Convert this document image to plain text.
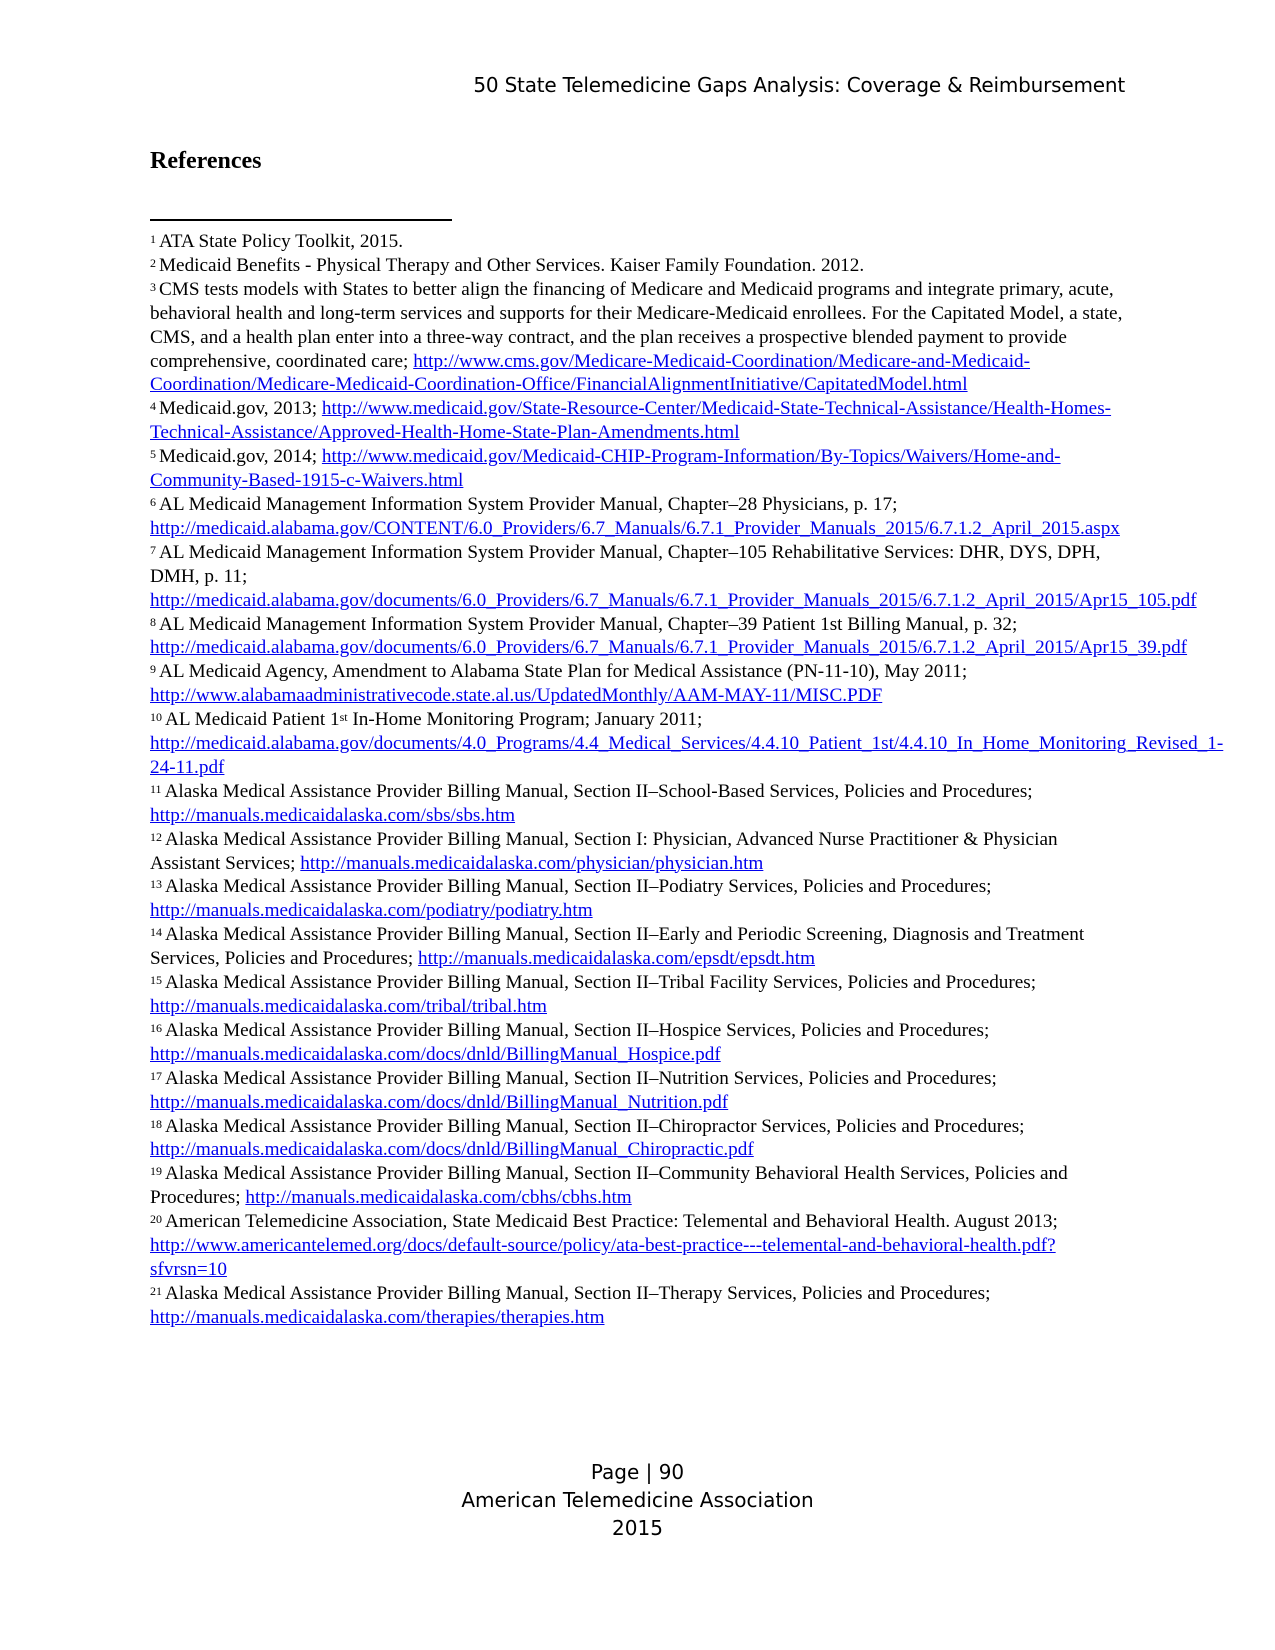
50 State Telemedicine Gaps Analysis: Coverage & Reimbursement
References

$^1$ ATA State Policy Toolkit, 2015.

$^2$ Medicaid Benefits - Physical Therapy and Other Services. Kaiser Family Foundation. 2012.

$^3$ CMS tests models with States to better align the financing of Medicare and Medicaid programs and integrate primary, acute, behavioral health and long-term services and supports for their Medicare-Medicaid enrollees. For the Capitated Model, a state, CMS, and a health plan enter into a three-way contract, and the plan receives a prospective blended payment to provide comprehensive, coordinated care; http://www.cms.gov/Medicare-Medicaid-Coordination/Medicare-and-Medicaid-Coordination/Medicare-Medicaid-Coordination-Office/FinancialAlignmentInitiative/CapitatedModel.html

$^4$ Medicaid.gov, 2013; http://www.medicaid.gov/State-Resource-Center/Medicaid-State-Technical-Assistance/Health-Homes-Technical-Assistance/Approved-Health-Home-State-Plan-Amendments.html

$^5$ Medicaid.gov, 2014; http://www.medicaid.gov/Medicaid-CHIP-Program-Information/By-Topics/Waivers/Home-and-Community-Based-1915-c-Waivers.html

$^6$ AL Medicaid Management Information System Provider Manual, Chapter–28 Physicians, p. 17;
http://medicaid.alabama.gov/CONTENT/6.0_Providers/6.7_Manuals/6.7.1_Provider_Manuals_2015/6.7.1.2_April_2015.aspx

$^7$ AL Medicaid Management Information System Provider Manual, Chapter–105 Rehabilitative Services: DHR, DYS, DPH, DMH, p. 11;
http://medicaid.alabama.gov/documents/6.0_Providers/6.7_Manuals/6.7.1_Provider_Manuals_2015/6.7.1.2_April_2015/Apr15_105.pdf

$^8$ AL Medicaid Management Information System Provider Manual, Chapter–39 Patient 1st Billing Manual, p. 32;
http://medicaid.alabama.gov/documents/6.0_Providers/6.7_Manuals/6.7.1_Provider_Manuals_2015/6.7.1.2_April_2015/Apr15_39.pdf

$^9$ AL Medicaid Agency, Amendment to Alabama State Plan for Medical Assistance (PN-11-10), May 2011;
http://www.alabamaadministrativecode.state.al.us/UpdatedMonthly/AAM-MAY-11/MISC.PDF

$^{10}$ AL Medicaid Patient 1st In-Home Monitoring Program; January 2011;
http://medicaid.alabama.gov/documents/4.0_Programs/4.4_Medical_Services/4.4.10_Patient_1st/4.4.10_In_Home_Monitoring_Revised_1-24-11.pdf

$^{11}$ Alaska Medical Assistance Provider Billing Manual, Section II–School-Based Services, Policies and Procedures;
http://manuals.medicaidalaska.com/sbs/sbs.htm

$^{12}$ Alaska Medical Assistance Provider Billing Manual, Section I: Physician, Advanced Nurse Practitioner & Physician Assistant Services; http://manuals.medicaidalaska.com/physician/physician.htm

$^{13}$ Alaska Medical Assistance Provider Billing Manual, Section II–Podiatry Services, Policies and Procedures;
http://manuals.medicaidalaska.com/podiatry/podiatry.htm

$^{14}$ Alaska Medical Assistance Provider Billing Manual, Section II–Early and Periodic Screening, Diagnosis and Treatment Services, Policies and Procedures; http://manuals.medicaidalaska.com/epsdt/epsdt.htm

$^{15}$ Alaska Medical Assistance Provider Billing Manual, Section II–Tribal Facility Services, Policies and Procedures;
http://manuals.medicaidalaska.com/tribal/tribal.htm

$^{16}$ Alaska Medical Assistance Provider Billing Manual, Section II–Hospice Services, Policies and Procedures;
http://manuals.medicaidalaska.com/docs/dnld/BillingManual_Hospice.pdf

$^{17}$ Alaska Medical Assistance Provider Billing Manual, Section II–Nutrition Services, Policies and Procedures;
http://manuals.medicaidalaska.com/docs/dnld/BillingManual_Nutrition.pdf

$^{18}$ Alaska Medical Assistance Provider Billing Manual, Section II–Chiropractor Services, Policies and Procedures;
http://manuals.medicaidalaska.com/docs/dnld/BillingManual_Chiropractic.pdf

$^{19}$ Alaska Medical Assistance Provider Billing Manual, Section II–Community Behavioral Health Services, Policies and Procedures; http://manuals.medicaidalaska.com/cbhs/cbhs.htm

$^{20}$ American Telemedicine Association, State Medicaid Best Practice: Telemental and Behavioral Health. August 2013; http://www.americantelemed.org/docs/default-source/policy/ata-best-practice---telemental-and-behavioral-health.pdf?sfvrsn=10

$^{21}$ Alaska Medical Assistance Provider Billing Manual, Section II–Therapy Services, Policies and Procedures;
http://manuals.medicaidalaska.com/therapies/therapies.htm

Page | 90
American Telemedicine Association
2015
